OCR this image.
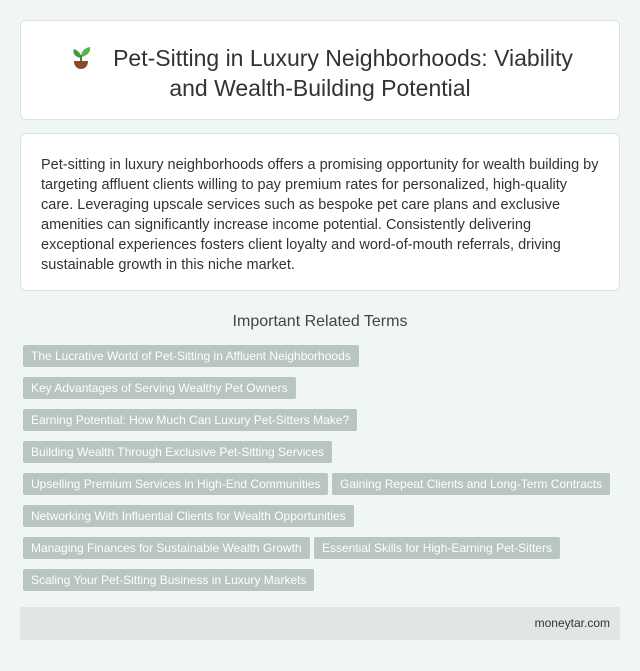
Pet-Sitting in Luxury Neighborhoods: Viability
and Wealth-Building Potential

Pet-sitting in luxury neighborhoods offers a promising opportunity for wealth building by targeting affluent clients willing to pay premium rates for personalized, high-quality care. Leveraging upscale services such as bespoke pet care plans and exclusive amenities can significantly increase income potential. Consistently delivering exceptional experiences fosters client loyalty and word-of-mouth referrals, driving sustainable growth in this niche market.

Important Related Terms
The Lucrative World of Pet-Sitting in Affluent Neighborhoods
Key Advantages of Serving Wealthy Pet Owners
Earning Potential: How Much Can Luxury Pet-Sitters Make?
Building Wealth Through Exclusive Pet-Sitting Services
Upselling Premium Services in High-End Communities	Gaining Repeat Clients and Long-Term Contracts
Networking With Influential Clients for Wealth Opportunities
Managing Finances for Sustainable Wealth Growth	Essential Skills for High-Earning Pet-Sitters
Scaling Your Pet-Sitting Business in Luxury Markets
moneytar.com
